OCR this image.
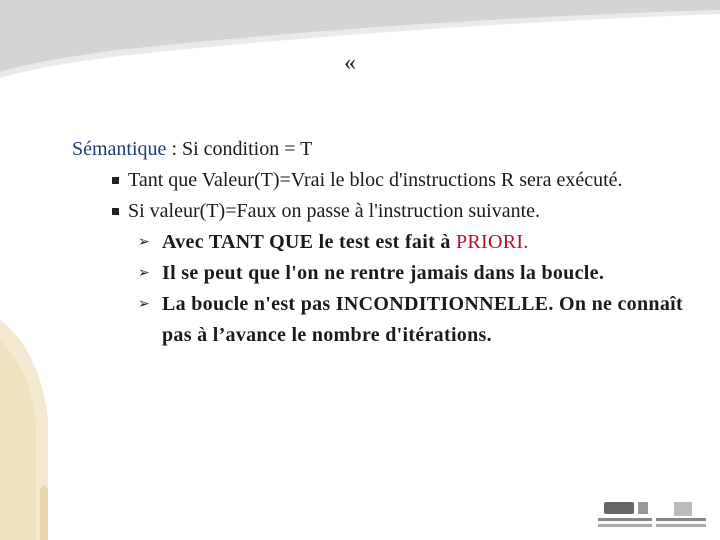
«
Sémantique : Si condition = T
Tant que Valeur(T)=Vrai le bloc d'instructions R sera exécuté.
Si valeur(T)=Faux on passe à l'instruction suivante.
➢ Avec TANT QUE le test est fait à PRIORI.
➢ Il se peut que l'on ne rentre jamais dans la boucle.
➢ La boucle n'est pas INCONDITIONNELLE. On ne connaît pas à l’avance le nombre d'itérations.
